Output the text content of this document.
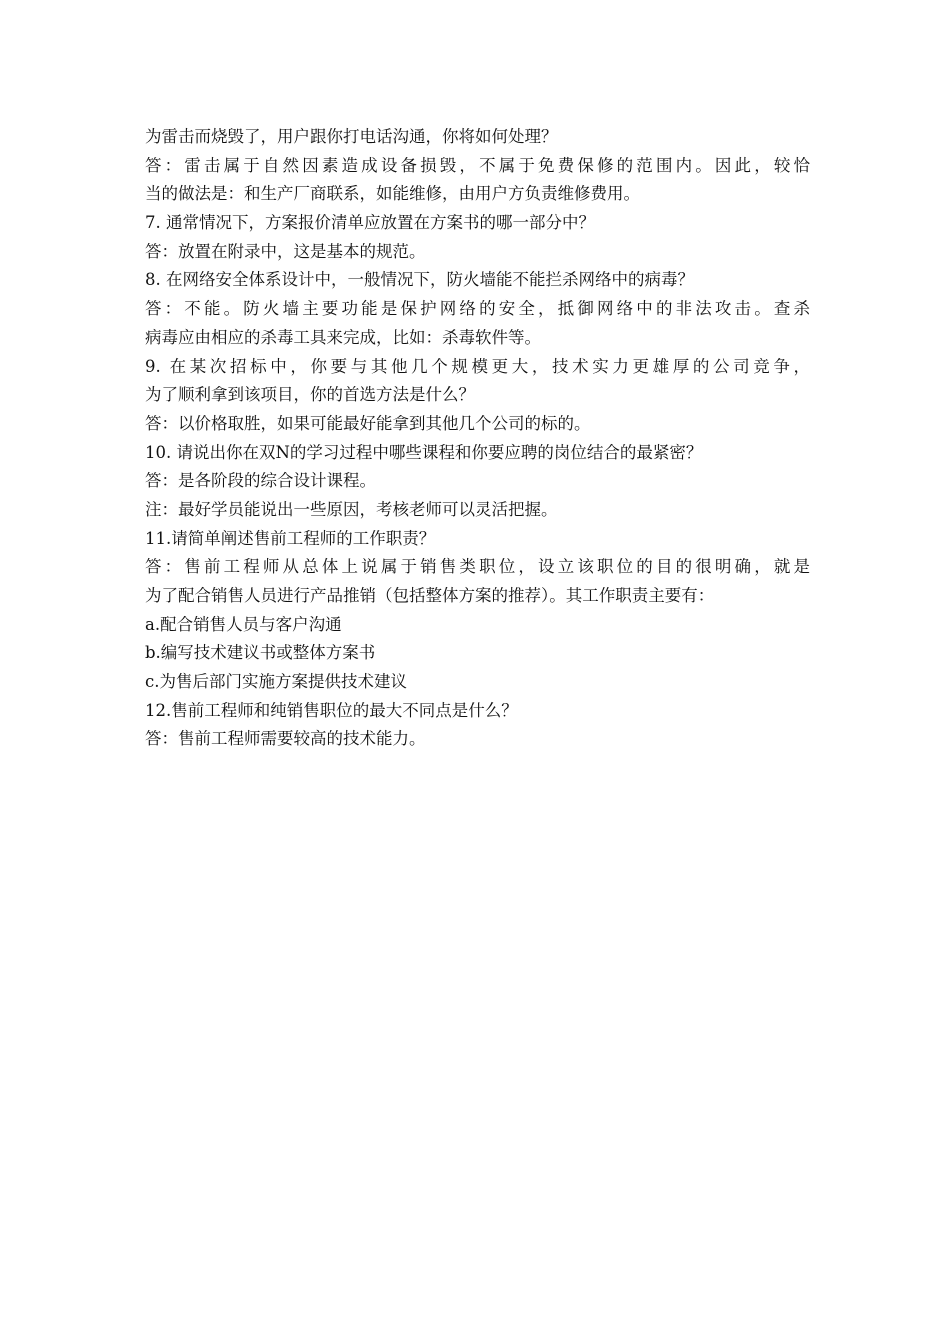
为雷击而烧毁了，用户跟你打电话沟通，你将如何处理？
答：雷击属于自然因素造成设备损毁，不属于免费保修的范围内。因此，较恰
当的做法是：和生产厂商联系，如能维修，由用户方负责维修费用。
7. 通常情况下，方案报价清单应放置在方案书的哪一部分中？
答：放置在附录中，这是基本的规范。
8. 在网络安全体系设计中，一般情况下，防火墙能不能拦杀网络中的病毒？
答：不能。防火墙主要功能是保护网络的安全，抵御网络中的非法攻击。查杀
病毒应由相应的杀毒工具来完成，比如：杀毒软件等。
9. 在某次招标中，你要与其他几个规模更大，技术实力更雄厚的公司竞争，
为了顺利拿到该项目，你的首选方法是什么？
答：以价格取胜，如果可能最好能拿到其他几个公司的标的。
10. 请说出你在双N的学习过程中哪些课程和你要应聘的岗位结合的最紧密？
答：是各阶段的综合设计课程。
注：最好学员能说出一些原因，考核老师可以灵活把握。
11.请简单阐述售前工程师的工作职责？
答：售前工程师从总体上说属于销售类职位，设立该职位的目的很明确，就是
为了配合销售人员进行产品推销（包括整体方案的推荐）。其工作职责主要有：
a.配合销售人员与客户沟通
b.编写技术建议书或整体方案书
c.为售后部门实施方案提供技术建议
12.售前工程师和纯销售职位的最大不同点是什么？
答：售前工程师需要较高的技术能力。
